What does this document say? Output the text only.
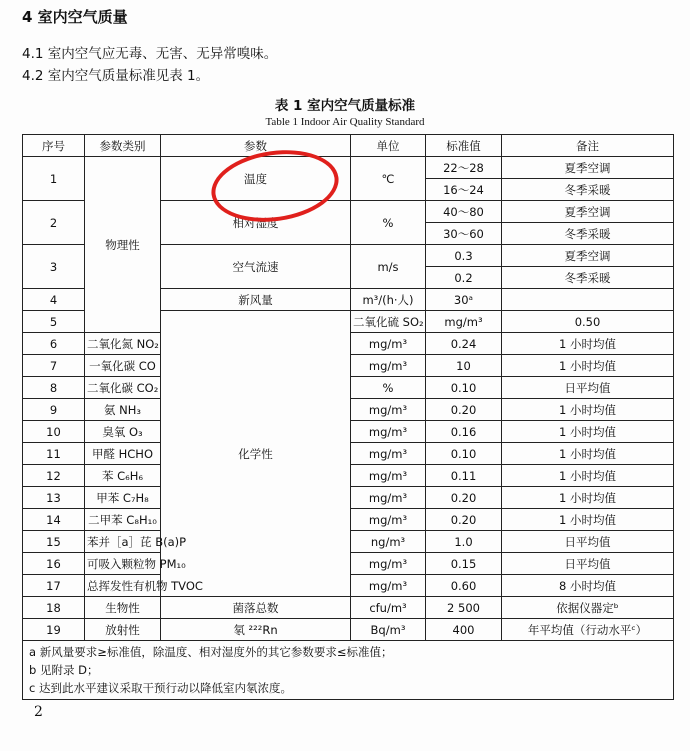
4 室内空气质量
4.1 室内空气应无毒、无害、无异常嗅味。
4.2 室内空气质量标准见表 1。
表 1 室内空气质量标准
Table 1 Indoor Air Quality Standard
序号	参数类别	参数	单位	标准值	备注	
1	物理性	温度	℃	22～28	夏季空调	
				16～24	冬季采暖	
2		相对湿度	%	40～80	夏季空调	
				30～60	冬季采暖	
3		空气流速	m/s	0.3	夏季空调	
				0.2	冬季采暖	
4		新风量	m³/(h·人)	30ᵃ		
5		化学性	二氧化硫 SO₂	mg/m³	0.50	
6	二氧化氮 NO₂		mg/m³	0.24	1 小时均值	
7	一氧化碳 CO		mg/m³	10	1 小时均值	
8	二氧化碳 CO₂		%	0.10	日平均值	
9	氨 NH₃		mg/m³	0.20	1 小时均值	
10	臭氧 O₃		mg/m³	0.16	1 小时均值	
11	甲醛 HCHO		mg/m³	0.10	1 小时均值	
12	苯 C₆H₆		mg/m³	0.11	1 小时均值	
13	甲苯 C₇H₈		mg/m³	0.20	1 小时均值	
14	二甲苯 C₈H₁₀		mg/m³	0.20	1 小时均值	
15	苯并［a］芘 B(a)P		ng/m³	1.0	日平均值	
16	可吸入颗粒物 PM₁₀		mg/m³	0.15	日平均值	
17	总挥发性有机物 TVOC		mg/m³	0.60	8 小时均值	
18	生物性	菌落总数	cfu/m³	2 500	依据仪器定ᵇ	
19	放射性	氡 ²²²Rn	Bq/m³	400	年平均值（行动水平ᶜ）	

a 新风量要求≥标准值，除温度、相对湿度外的其它参数要求≤标准值；
b 见附录 D；
c 达到此水平建议采取干预行动以降低室内氡浓度。						
2
